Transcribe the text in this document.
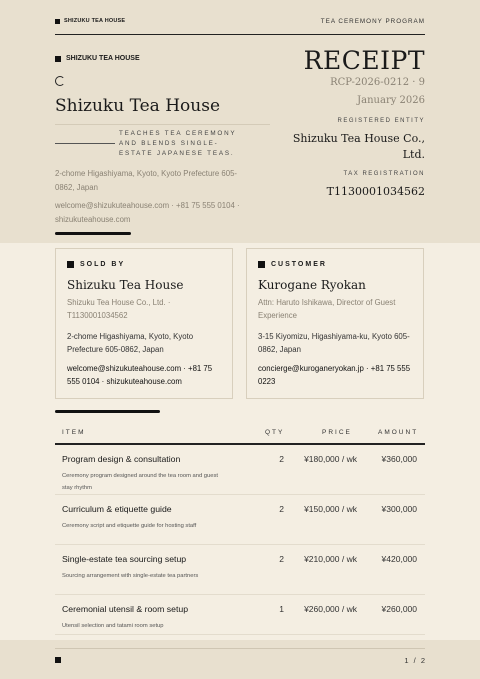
SHIZUKU TEA HOUSE	TEA CEREMONY PROGRAM
SHIZUKU TEA HOUSE
Shizuku Tea House
TEACHES TEA CEREMONY AND BLENDS SINGLE-ESTATE JAPANESE TEAS.
2-chome Higashiyama, Kyoto, Kyoto Prefecture 605-0862, Japan
welcome@shizukuteahouse.com · +81 75 555 0104 · shizukuteahouse.com
RECEIPT
RCP-2026-0212 · 9
January 2026
REGISTERED ENTITY
Shizuku Tea House Co., Ltd.
TAX REGISTRATION
T1130001034562
SOLD BY
Shizuku Tea House
Shizuku Tea House Co., Ltd. · T1130001034562
2-chome Higashiyama, Kyoto, Kyoto Prefecture 605-0862, Japan
welcome@shizukuteahouse.com · +81 75 555 0104 · shizukuteahouse.com
CUSTOMER
Kurogane Ryokan
Attn: Haruto Ishikawa, Director of Guest Experience
3-15 Kiyomizu, Higashiyama-ku, Kyoto 605-0862, Japan
concierge@kuroganeryokan.jp · +81 75 555 0223
ITEM	QTY	PRICE	AMOUNT
Program design & consultation
Ceremony program designed around the tea room and guest stay rhythm
2	¥180,000 / wk	¥360,000
Curriculum & etiquette guide
Ceremony script and etiquette guide for hosting staff
2	¥150,000 / wk	¥300,000
Single-estate tea sourcing setup
Sourcing arrangement with single-estate tea partners
2	¥210,000 / wk	¥420,000
Ceremonial utensil & room setup
Utensil selection and tatami room setup
1	¥260,000 / wk	¥260,000
1 / 2
